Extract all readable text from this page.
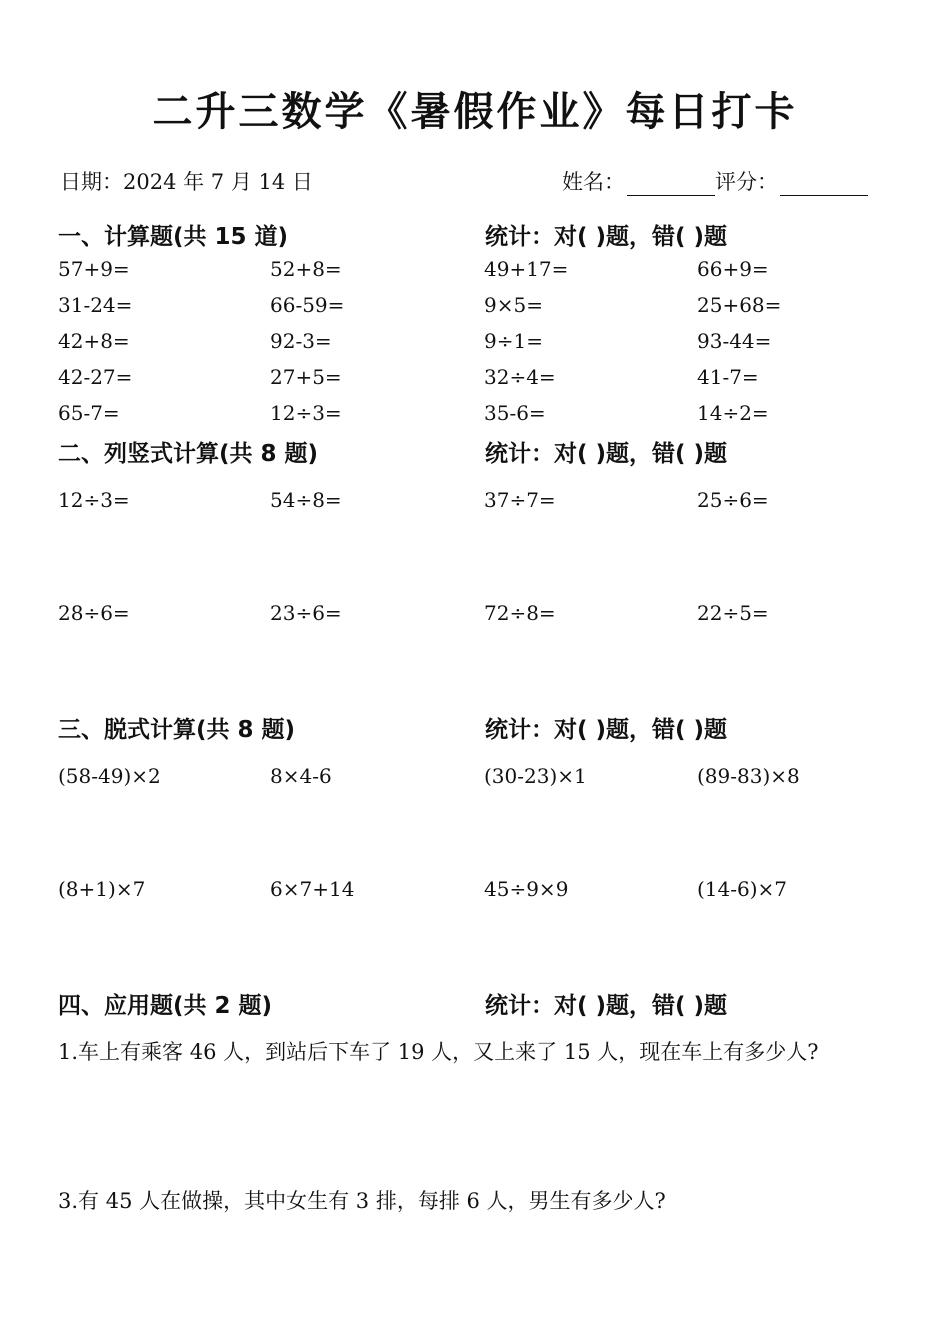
二升三数学《暑假作业》每日打卡
日期：2024 年 7 月 14 日	姓名：	评分：
一、计算题(共 15 道)	统计：对( )题，错( )题
57+9=	52+8=	49+17=	66+9=
31-24=	66-59=	9×5=	25+68=
42+8=	92-3=	9÷1=	93-44=
42-27=	27+5=	32÷4=	41-7=
65-7=	12÷3=	35-6=	14÷2=
二、列竖式计算(共 8 题)	统计：对( )题，错( )题
12÷3=	54÷8=	37÷7=	25÷6=
28÷6=	23÷6=	72÷8=	22÷5=
三、脱式计算(共 8 题)	统计：对( )题，错( )题
(58-49)×2	8×4-6	(30-23)×1	(89-83)×8
(8+1)×7	6×7+14	45÷9×9	(14-6)×7
四、应用题(共 2 题)	统计：对( )题，错( )题
1.车上有乘客 46 人，到站后下车了 19 人，又上来了 15 人，现在车上有多少人?
3.有 45 人在做操，其中女生有 3 排，每排 6 人，男生有多少人?
